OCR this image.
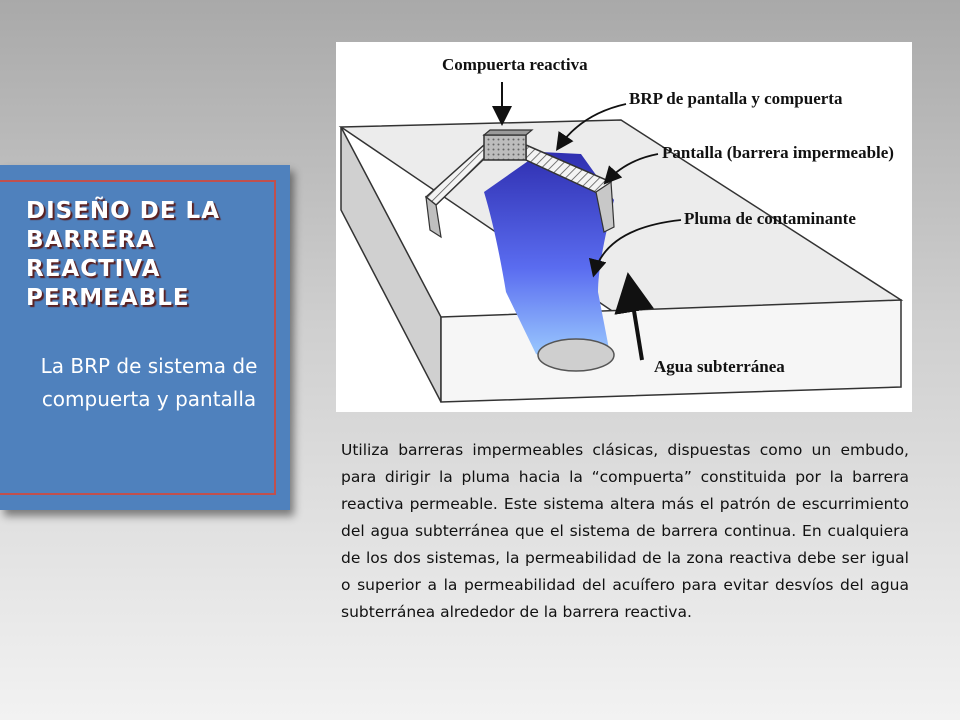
DISEÑO DE LA
BARRERA
REACTIVA
PERMEABLE

La BRP de sistema de compuerta y pantalla

Compuerta reactiva
BRP de pantalla y compuerta
Pantalla (barrera impermeable)
Pluma de contaminante
Agua subterránea

Utiliza barreras impermeables clásicas, dispuestas como un embudo, para dirigir la pluma hacia la “compuerta” constituida por la barrera reactiva permeable. Este sistema altera más el patrón de escurrimiento del agua subterránea que el sistema de barrera continua. En cualquiera de los dos sistemas, la permeabilidad de la zona reactiva debe ser igual o superior a la permeabilidad del acuífero para evitar desvíos del agua subterránea alrededor de la barrera reactiva.
